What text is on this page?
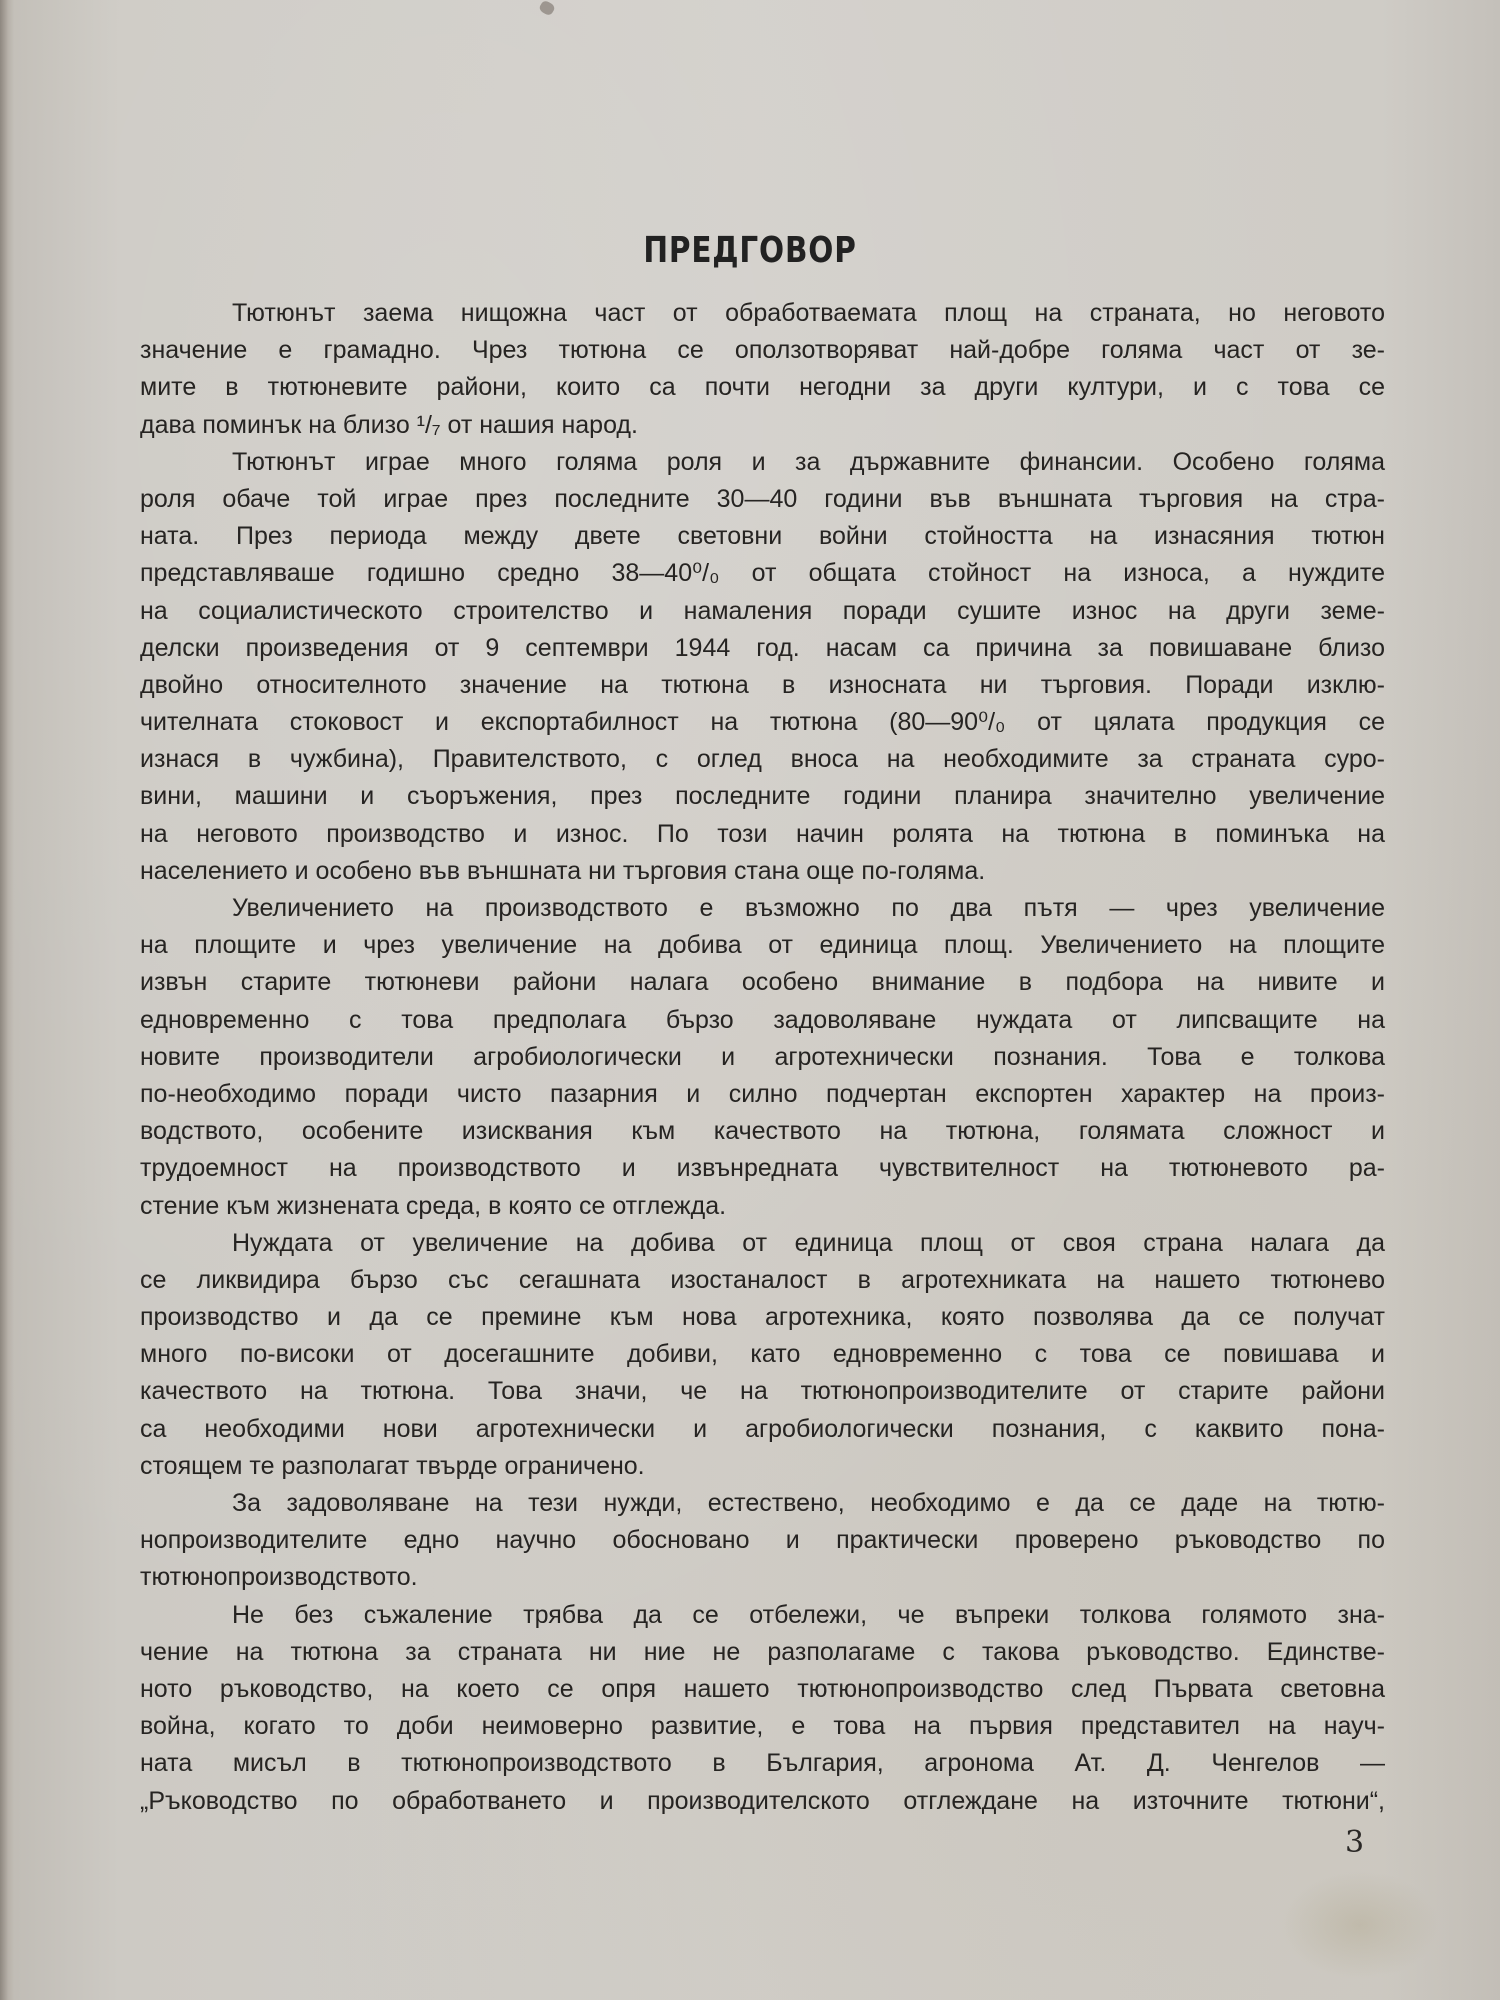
ПРЕДГОВОР
Тютюнът заема нищожна част от обработваемата площ на страната, но неговото
значение е грамадно. Чрез тютюна се оползотворяват най-добре голяма част от зе-
мите в тютюневите райони, които са почти негодни за други култури, и с това се
дава поминък на близо ¹/₇ от нашия народ.
Тютюнът играе много голяма роля и за държавните финансии. Особено голяма
роля обаче той играе през последните 30—40 години във външната търговия на стра-
ната. През периода между двете световни войни стойността на изнасяния тютюн
представляваше годишно средно 38—40⁰/₀ от общата стойност на износа, а нуждите
на социалистическото строителство и намаления поради сушите износ на други земе-
делски произведения от 9 септември 1944 год. насам са причина за повишаване близо
двойно относителното значение на тютюна в износната ни търговия. Поради изклю-
чителната стоковост и експортабилност на тютюна (80—90⁰/₀ от цялата продукция се
изнася в чужбина), Правителството, с оглед вноса на необходимите за страната суро-
вини, машини и съоръжения, през последните години планира значително увеличение
на неговото производство и износ. По този начин ролята на тютюна в поминъка на
населението и особено във външната ни търговия стана още по-голяма.
Увеличението на производството е възможно по два пътя — чрез увеличение
на площите и чрез увеличение на добива от единица площ. Увеличението на площите
извън старите тютюневи райони налага особено внимание в подбора на нивите и
едновременно с това предполага бързо задоволяване нуждата от липсващите на
новите производители агробиологически и агротехнически познания. Това е толкова
по-необходимо поради чисто пазарния и силно подчертан експортен характер на произ-
водството, особените изисквания към качеството на тютюна, голямата сложност и
трудоемност на производството и извънредната чувствителност на тютюневото ра-
стение към жизнената среда, в която се отглежда.
Нуждата от увеличение на добива от единица площ от своя страна налага да
се ликвидира бързо със сегашната изостаналост в агротехниката на нашето тютюнево
производство и да се премине към нова агротехника, която позволява да се получат
много по-високи от досегашните добиви, като едновременно с това се повишава и
качеството на тютюна. Това значи, че на тютюнопроизводителите от старите райони
са необходими нови агротехнически и агробиологически познания, с каквито пона-
стоящем те разполагат твърде ограничено.
За задоволяване на тези нужди, естествено, необходимо е да се даде на тютю-
нопроизводителите едно научно обосновано и практически проверено ръководство по
тютюнопроизводството.
Не без съжаление трябва да се отбележи, че въпреки толкова голямото зна-
чение на тютюна за страната ни ние не разполагаме с такова ръководство. Единстве-
ното ръководство, на което се опря нашето тютюнопроизводство след Първата световна
война, когато то доби неимоверно развитие, е това на първия представител на науч-
ната мисъл в тютюнопроизводството в България, агронома Ат. Д. Ченгелов —
„Ръководство по обработването и производителското отглеждане на източните тютюни“,
3
